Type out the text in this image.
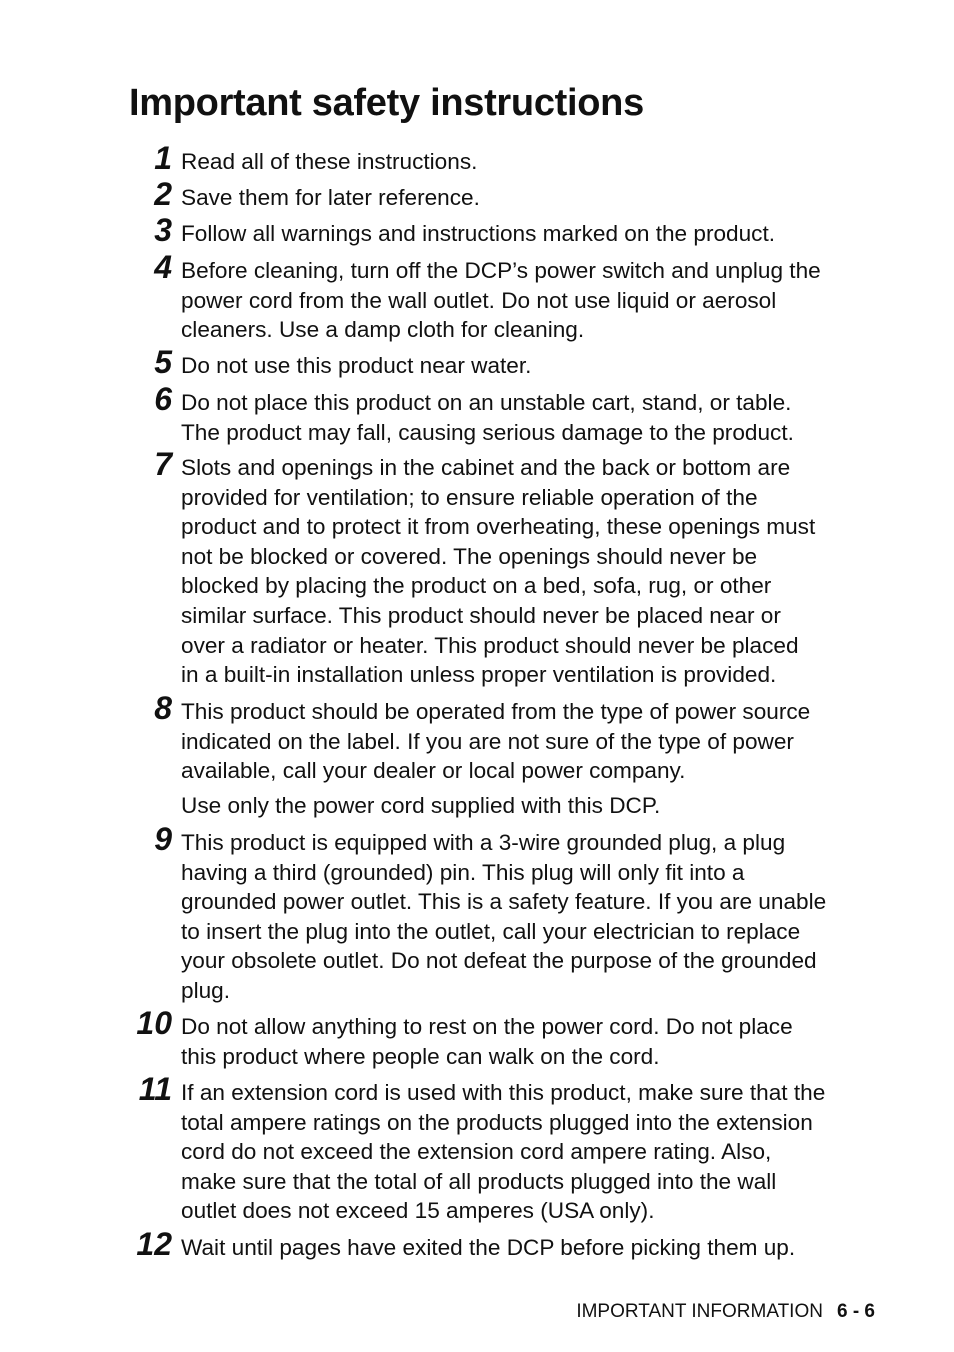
Important safety instructions
1 Read all of these instructions.

2 Save them for later reference.

3 Follow all warnings and instructions marked on the product.

4 Before cleaning, turn off the DCP’s power switch and unplug the
power cord from the wall outlet. Do not use liquid or aerosol
cleaners. Use a damp cloth for cleaning.

5 Do not use this product near water.

6 Do not place this product on an unstable cart, stand, or table.
The product may fall, causing serious damage to the product.

7 Slots and openings in the cabinet and the back or bottom are
provided for ventilation; to ensure reliable operation of the
product and to protect it from overheating, these openings must
not be blocked or covered. The openings should never be
blocked by placing the product on a bed, sofa, rug, or other
similar surface. This product should never be placed near or
over a radiator or heater. This product should never be placed
in a built-in installation unless proper ventilation is provided.

8 This product should be operated from the type of power source
indicated on the label. If you are not sure of the type of power
available, call your dealer or local power company.

Use only the power cord supplied with this DCP.

9 This product is equipped with a 3-wire grounded plug, a plug
having a third (grounded) pin. This plug will only fit into a
grounded power outlet. This is a safety feature. If you are unable
to insert the plug into the outlet, call your electrician to replace
your obsolete outlet. Do not defeat the purpose of the grounded
plug.

10 Do not allow anything to rest on the power cord. Do not place
this product where people can walk on the cord.

11 If an extension cord is used with this product, make sure that the
total ampere ratings on the products plugged into the extension
cord do not exceed the extension cord ampere rating. Also,
make sure that the total of all products plugged into the wall
outlet does not exceed 15 amperes (USA only).

12 Wait until pages have exited the DCP before picking them up.

IMPORTANT INFORMATION 6 - 6
